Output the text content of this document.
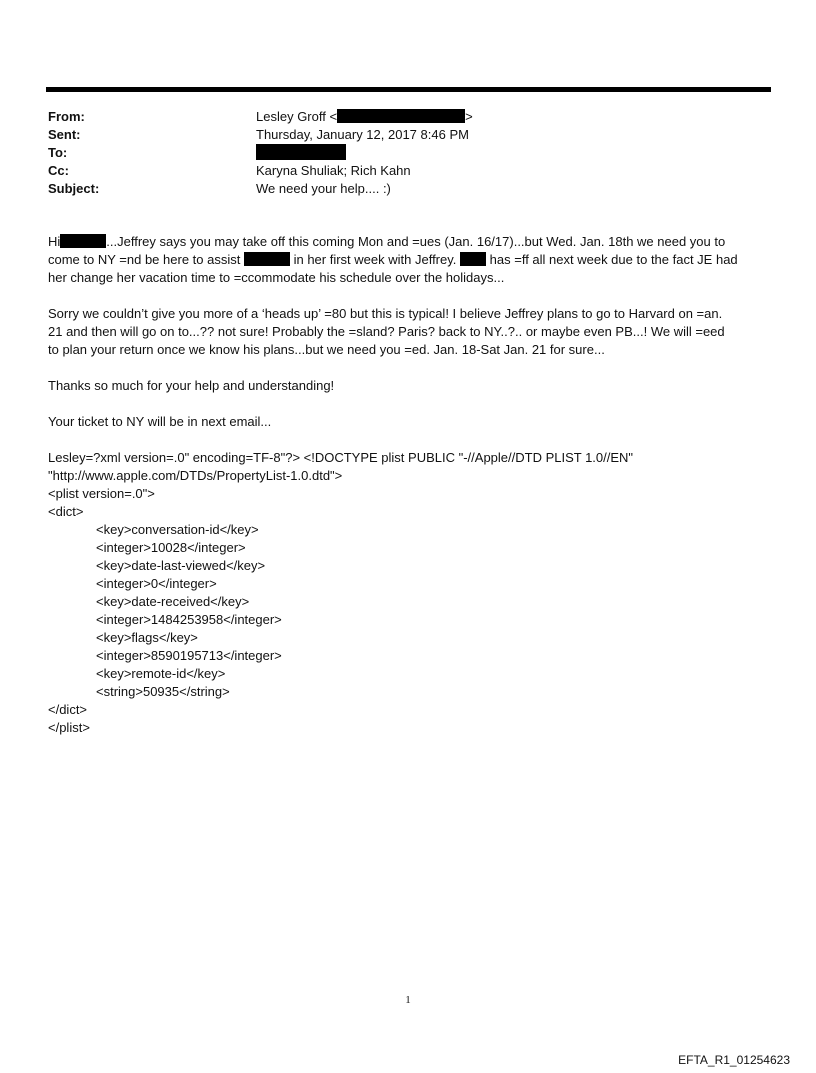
From:	Lesley Groff <	>
Sent:	Thursday, January 12, 2017 8:46 PM
To:
Cc:	Karyna Shuliak; Rich Kahn
Subject:	We need your help.... :)

Hi	...Jeffrey says you may take off this coming Mon and =ues (Jan. 16/17)...but Wed. Jan. 18th we need you to
come to NY =nd be here to assist	in her first week with Jeffrey.	has =ff all next week due to the fact JE had
her change her vacation time to =ccommodate his schedule over the holidays...

Sorry we couldn’t give you more of a ‘heads up’ =80 but this is typical! I believe Jeffrey plans to go to Harvard on =an.
21 and then will go on to...?? not sure! Probably the =sland? Paris? back to NY..?.. or maybe even PB...! We will =eed
to plan your return once we know his plans...but we need you =ed. Jan. 18-Sat Jan. 21 for sure...

Thanks so much for your help and understanding!

Your ticket to NY will be in next email...

Lesley=?xml version=.0" encoding=TF-8"?> <!DOCTYPE plist PUBLIC "-//Apple//DTD PLIST 1.0//EN"
"http://www.apple.com/DTDs/PropertyList-1.0.dtd">
<plist version=.0">
<dict>
<key>conversation-id</key>
<integer>10028</integer>
<key>date-last-viewed</key>
<integer>0</integer>
<key>date-received</key>
<integer>1484253958</integer>
<key>flags</key>
<integer>8590195713</integer>
<key>remote-id</key>
<string>50935</string>
</dict>
</plist>
1
EFTA_R1_01254623
